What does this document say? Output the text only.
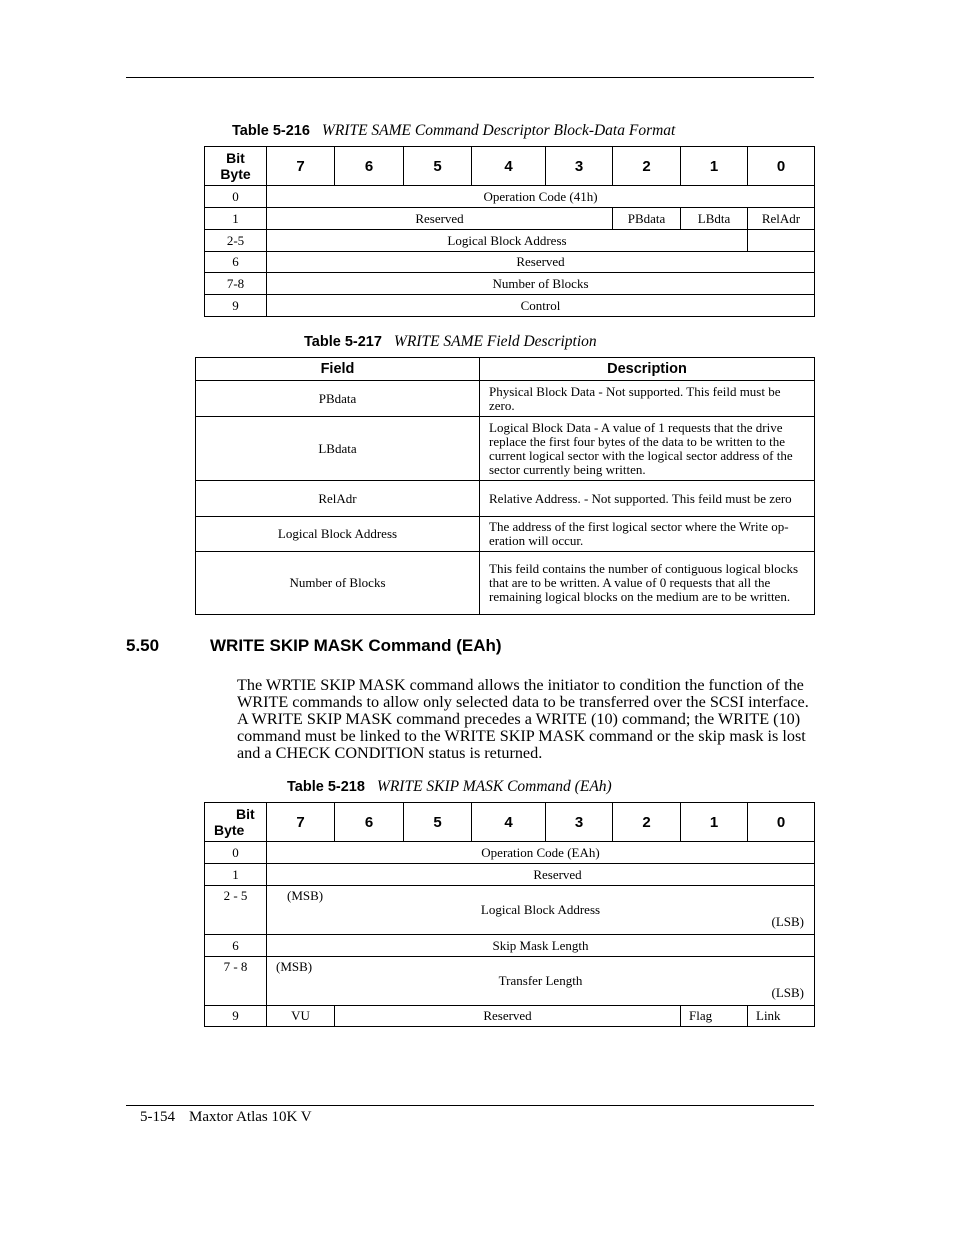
Table 5-216 WRITE SAME Command Descriptor Block-Data Format
Bit
Byte	7	6	5	4	3	2	1	0
0	Operation Code (41h)							
1	Reserved					PBdata	LBdta	RelAdr
2-5	Logical Block Address							
6	Reserved							
7-8	Number of Blocks							
9	Control							
Table 5-217 WRITE SAME Field Description
Field	Description
PBdata	Physical Block Data - Not supported. This feild must be zero.
LBdata	Logical Block Data - A value of 1 requests that the drive replace the first four bytes of the data to be written to the current logical sector with the logical sector address of the sector currently being written.
RelAdr	Relative Address. - Not supported. This feild must be zero
Logical Block Address	The address of the first logical sector where the Write op-eration will occur.
Number of Blocks	This feild contains the number of contiguous logical blocks that are to be written. A value of 0 requests that all the remaining logical blocks on the medium are to be written.
5.50	WRITE SKIP MASK Command (EAh)

The WRTIE SKIP MASK command allows the initiator to condition the function of the WRITE commands to allow only selected data to be transferred over the SCSI interface. A WRITE SKIP MASK command precedes a WRITE (10) command; the WRITE (10) command must be linked to the WRITE SKIP MASK command or the skip mask is lost and a CHECK CONDITION status is returned.

Table 5-218 WRITE SKIP MASK Command (EAh)
Bit
Byte	7	6	5	4	3	2	1	0
0	Operation Code (EAh)							
1	Reserved							
2 - 5	(MSB)
Logical Block Address
(LSB)							

6	Skip Mask Length							
7 - 8	(MSB)
Transfer Length
(LSB)							

9	VU	Reserved					Flag	Link
5-154 Maxtor Atlas 10K V
